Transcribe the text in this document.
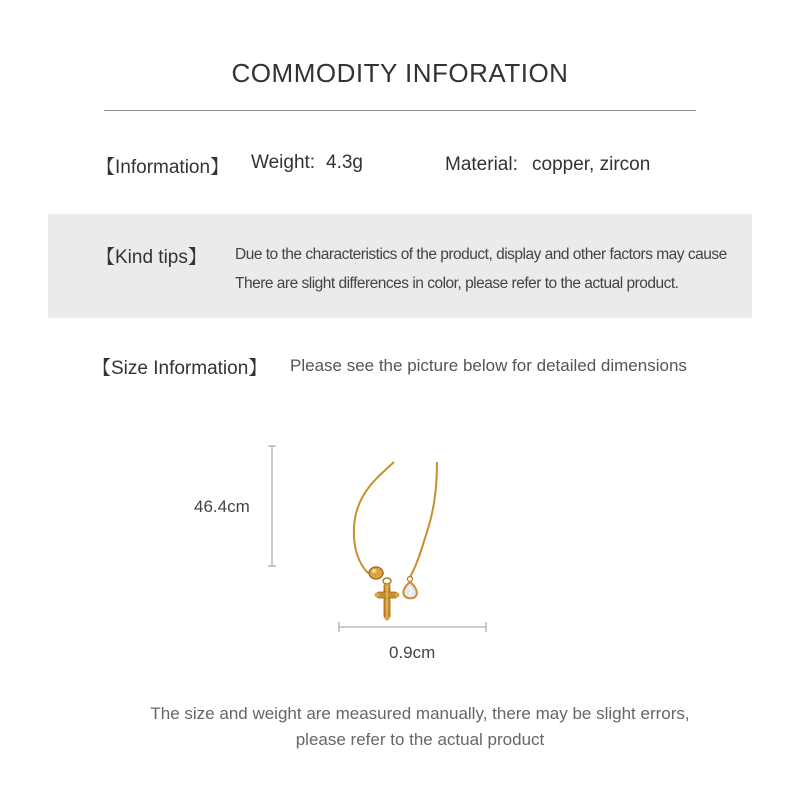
COMMODITY INFORATION
【Information】 Weight: 4.3g	Material: copper, zircon
【Kind tips】 Due to the characteristics of the product, display and other factors may cause
There are slight differences in color, please refer to the actual product.
【Size Information】 Please see the picture below for detailed dimensions
46.4cm
0.9cm
The size and weight are measured manually, there may be slight errors,
please refer to the actual product
